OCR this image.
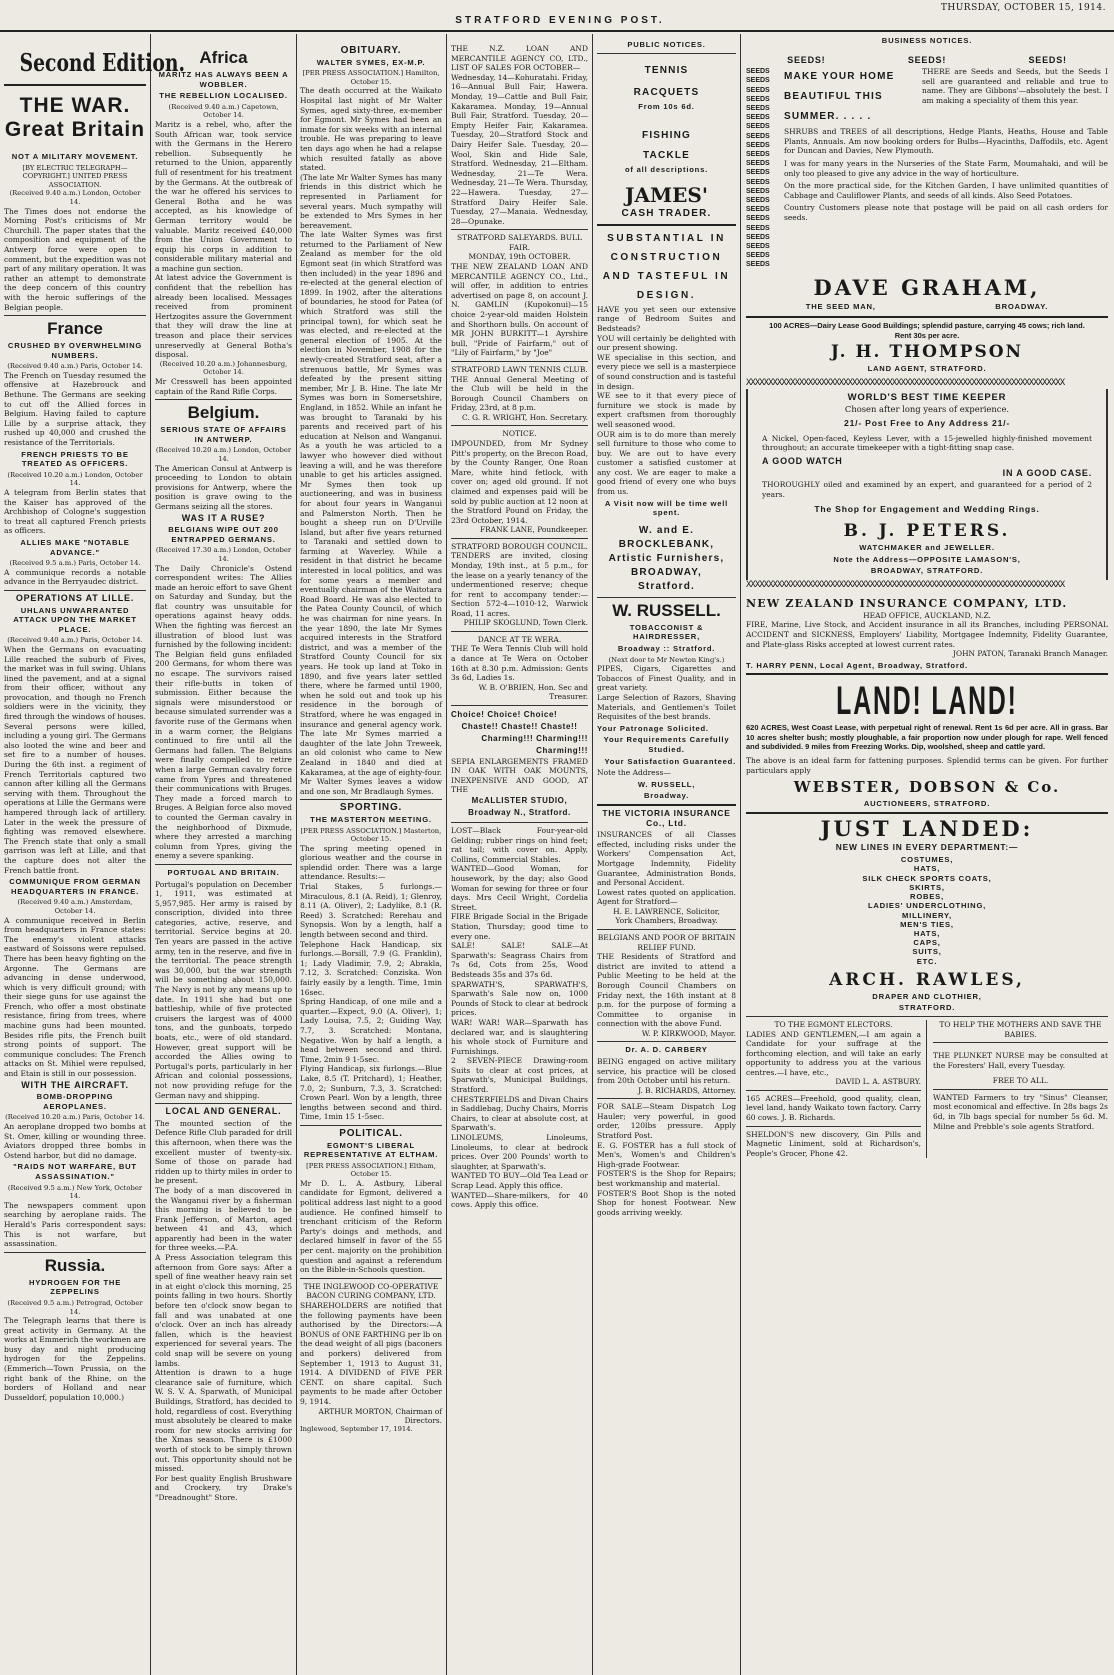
STRATFORD EVENING POST.
THURSDAY, OCTOBER 15, 1914.
Second Edition.
THE WAR.
Great Britain
NOT A MILITARY MOVEMENT.

[BY ELECTRIC TELEGRAPH—COPYRIGHT.] UNITED PRESS ASSOCIATION.

(Received 9.40 a.m.) London, October 14.

The Times does not endorse the Morning Post's criticisms of Mr Churchill. The paper states that the composition and equipment of the Antwerp force were open to comment, but the expedition was not part of any military operation. It was rather an attempt to demonstrate the deep concern of this country with the heroic sufferings of the Belgian people.

France
CRUSHED BY OVERWHELMING NUMBERS.

(Received 9.40 a.m.) Paris, October 14.

The French on Tuesday resumed the offensive at Hazebrouck and Bethune. The Germans are seeking to cut off the Allied forces in Belgium. Having failed to capture Lille by a surprise attack, they rushed up 40,000 and crushed the resistance of the Territorials.

FRENCH PRIESTS TO BE TREATED AS OFFICERS.

(Received 10.20 a.m.) London, October 14.

A telegram from Berlin states that the Kaiser has approved of the Archbishop of Cologne's suggestion to treat all captured French priests as officers.

ALLIES MAKE "NOTABLE ADVANCE."

(Received 9.5 a.m.) Paris, October 14.

A communique records a notable advance in the Berryaudec district.

OPERATIONS AT LILLE.
UHLANS UNWARRANTED ATTACK UPON THE MARKET PLACE.

(Received 9.40 a.m.) Paris, October 14.

When the Germans on evacuating Lille reached the suburb of Fives, the market was in full swing. Uhlans lined the pavement, and at a signal from their officer, without any provocation, and though no French soldiers were in the vicinity, they fired through the windows of houses. Several persons were killed, including a young girl. The Germans also looted the wine and beer and set fire to a number of houses. During the 6th inst. a regiment of French Territorials captured two cannon after killing all the Germans serving with them. Throughout the operations at Lille the Germans were hampered through lack of artillery. Later in the week the pressure of fighting was removed elsewhere. The French state that only a small garrison was left at Lille, and that the capture does not alter the French battle front.

COMMUNIQUE FROM GERMAN HEADQUARTERS IN FRANCE.

(Received 9.40 a.m.) Amsterdam, October 14.

A communique received in Berlin from headquarters in France states: The enemy's violent attacks eastward of Soissons were repulsed. There has been heavy fighting on the Argonne. The Germans are advancing in dense underwood, which is very difficult ground; with their siege guns for use against the French, who offer a most obstinate resistance, firing from trees, where machine guns had been mounted. Besides rifle pits, the French built strong points of support. The communique concludes: The French attacks on St. Mihiel were repulsed, and Etain is still in our possession.

WITH THE AIRCRAFT.
BOMB-DROPPING AEROPLANES.

(Received 10.20 a.m.) Paris, October 14.

An aeroplane dropped two bombs at St. Omer, killing or wounding three. Aviators dropped three bombs in Ostend harbor, but did no damage.

"RAIDS NOT WARFARE, BUT ASSASSINATION."

(Received 9.5 a.m.) New York, October 14.

The newspapers comment upon searching by aeroplane raids. The Herald's Paris correspondent says: This is not warfare, but assassination.

Russia.
HYDROGEN FOR THE ZEPPELINS

(Received 9.5 a.m.) Petrograd, October 14.

The Telegraph learns that there is great activity in Germany. At the works at Emmerich the workmen are busy day and night producing hydrogen for the Zeppelins. (Emmerich—Town Prussia, on the right bank of the Rhine, on the borders of Holland and near Dusseldorf, population 10,000.)

Africa
MARITZ HAS ALWAYS BEEN A WOBBLER.
THE REBELLION LOCALISED.

(Received 9.40 a.m.) Capetown, October 14.

Maritz is a rebel, who, after the South African war, took service with the Germans in the Herero rebellion. Subsequently he returned to the Union, apparently full of resentment for his treatment by the Germans. At the outbreak of the war he offered his services to General Botha and he was accepted, as his knowledge of German territory would be valuable. Maritz received £40,000 from the Union Government to equip his corps in addition to considerable military material and a machine gun section.

At latest advice the Government is confident that the rebellion has already been localised. Messages received from prominent Hertzogites assure the Government that they will draw the line at treason and place their services unreservedly at General Botha's disposal.

(Received 10.20 a.m.) Johannesburg, October 14.

Mr Cresswell has been appointed captain of the Rand Rifle Corps.

Belgium.
SERIOUS STATE OF AFFAIRS IN ANTWERP.

(Received 10.20 a.m.) London, October 14.

The American Consul at Antwerp is proceeding to London to obtain provisions for Antwerp, where the position is grave owing to the Germans seizing all the stores.

WAS IT A RUSE?
BELGIANS WIPE OUT 200 ENTRAPPED GERMANS.

(Received 17.30 a.m.) London, October 14.

The Daily Chronicle's Ostend correspondent writes: The Allies made an heroic effort to save Ghent on Saturday and Sunday, but the flat country was unsuitable for operations against heavy odds. When the fighting was fiercest an illustration of blood lust was furnished by the following incident: The Belgian field guns enfiladed 200 Germans, for whom there was no escape. The survivors raised their rifle-butts in token of submission. Either because the signals were misunderstood or because simulated surrender was a favorite ruse of the Germans when in a warm corner, the Belgians continued to fire until all the Germans had fallen. The Belgians were finally compelled to retire when a large German cavalry force came from Ypres and threatened their communications with Bruges. They made a forced march to Bruges. A Belgian force also moved to counted the German cavalry in the neighborhood of Dixmude, where they arrested a marching column from Ypres, giving the enemy a severe spanking.

PORTUGAL AND BRITAIN.

Portugal's population on December 1, 1911, was estimated at 5,957,985. Her army is raised by conscription, divided into three categories, active, reserve, and territorial. Service begins at 20. Ten years are passed in the active army, ten in the reserve, and five in the territorial. The peace strength was 30,000, but the war strength will be something about 150,000. The Navy is not by any means up to date. In 1911 she had but one battleship, while of five protected cruisers the largest was of 4000 tons, and the gunboats, torpedo boats, etc., were of old standard. However, great support will be accorded the Allies owing to Portugal's ports, particularly in her African and colonial possessions, not now providing refuge for the German navy and shipping.

LOCAL AND GENERAL.

The mounted section of the Defence Rifle Club paraded for drill this afternoon, when there was the excellent muster of twenty-six. Some of those on parade had ridden up to thirty miles in order to be present.

The body of a man discovered in the Wanganui river by a fisherman this morning is believed to be Frank Jefferson, of Marton, aged between 41 and 43, which apparently had been in the water for three weeks.—P.A.

A Press Association telegram this afternoon from Gore says: After a spell of fine weather heavy rain set in at eight o'clock this morning, 25 points falling in two hours. Shortly before ten o'clock snow began to fall and was unabated at one o'clock. Over an inch has already fallen, which is the heaviest experienced for several years. The cold snap will be severe on young lambs.

Attention is drawn to a huge clearance sale of furniture, which W. S. V. A. Sparwath, of Municipal Buildings, Stratford, has decided to hold, regardless of cost. Everything must absolutely be cleared to make room for new stocks arriving for the Xmas season. There is £1000 worth of stock to be simply thrown out. This opportunity should not be missed.

For best quality English Brushware and Crockery, try Drake's "Dreadnought" Store.

OBITUARY.
WALTER SYMES, EX-M.P.

[PER PRESS ASSOCIATION.] Hamilton, October 15.

The death occurred at the Waikato Hospital last night of Mr Walter Symes, aged sixty-three, ex-member for Egmont. Mr Symes had been an inmate for six weeks with an internal trouble. He was preparing to leave ten days ago when he had a relapse which resulted fatally as above stated.

(The late Mr Walter Symes has many friends in this district which he represented in Parliament for several years. Much sympathy will be extended to Mrs Symes in her bereavement.

The late Walter Symes was first returned to the Parliament of New Zealand as member for the old Egmont seat (in which Stratford was then included) in the year 1896 and re-elected at the general election of 1899. In 1902, after the alterations of boundaries, he stood for Patea (of which Stratford was still the principal town), for which seat he was elected, and re-elected at the general election of 1905. At the election in November, 1908 for the newly-created Stratford seat, after a strenuous battle, Mr Symes was defeated by the present sitting member, Mr J. B. Hine. The late Mr Symes was born in Somersetshire, England, in 1852. While an infant he was brought to Taranaki by his parents and received part of his education at Nelson and Wanganui. As a youth he was articled to a lawyer who however died without leaving a will, and he was therefore unable to get his articles assigned. Mr Symes then took up auctioneering, and was in business for about four years in Wanganui and Palmerston North. Then he bought a sheep run on D'Urville Island, but after five years returned to Taranaki and settled down to farming at Waverley. While a resident in that district he became interested in local politics, and was for some years a member and eventually chairman of the Waitotara Road Board. He was also elected to the Patea County Council, of which he was chairman for nine years. In the year 1890, the late Mr Symes acquired interests in the Stratford district, and was a member of the Stratford County Council for six years. He took up land at Toko in 1890, and five years later settled there, where he farmed until 1900, when he sold out and took up his residence in the borough of Stratford, where he was engaged in insurance and general agency work. The late Mr Symes married a daughter of the late John Treweek, an old colonist who came to New Zealand in 1840 and died at Kakaramea, at the age of eighty-four. Mr Walter Symes leaves a widow and one son, Mr Bradlaugh Symes.

SPORTING.
THE MASTERTON MEETING.

[PER PRESS ASSOCIATION.] Masterton, October 15.

The spring meeting opened in glorious weather and the course in splendid order. There was a large attendance. Results:—

Trial Stakes, 5 furlongs.—Miraculous, 8.1 (A. Reid), 1; Glenroy, 8.11 (A. Oliver), 2; Ladylike, 8.1 (R. Reed) 3. Scratched: Rerehau and Synopsis. Won by a length, half a length between second and third.

Telephone Hack Handicap, six furlongs.—Borsill, 7.9 (G. Franklin), 1; Lady Vladimir, 7.9, 2; Abrakla, 7.12, 3. Scratched: Conziska. Won fairly easily by a length. Time, 1min 16sec.

Spring Handicap, of one mile and a quarter.—Expect, 9.0 (A. Oliver), 1; Lady Louisa, 7.5, 2; Guiding Way, 7.7, 3. Scratched: Montana, Negative. Won by half a length, a head between second and third. Time, 2min 9 1-5sec.

Flying Handicap, six furlongs.—Blue Lake, 8.5 (T. Pritchard), 1; Heather, 7.0, 2; Sunburn, 7.3, 3. Scratched: Crown Pearl. Won by a length, three lengths between second and third. Time, 1min 15 1-5sec.

POLITICAL.
EGMONT'S LIBERAL REPRESENTATIVE AT ELTHAM.

[PER PRESS ASSOCIATION.] Eltham, October 15.

Mr D. L. A. Astbury, Liberal candidate for Egmont, delivered a political address last night to a good audience. He confined himself to trenchant criticism of the Reform Party's doings and methods, and declared himself in favor of the 55 per cent. majority on the prohibition question and against a referendum on the Bible-in-Schools question.

THE INGLEWOOD CO-OPERATIVE BACON CURING COMPANY, LTD.

SHAREHOLDERS are notified that the following payments have been authorised by the Directors:—A BONUS of ONE FARTHING per lb on the dead weight of all pigs (baconers and porkers) delivered from September 1, 1913 to August 31, 1914. A DIVIDEND of FIVE PER CENT. on share capital. Such payments to be made after October 9, 1914.

ARTHUR MORTON, Chairman of Directors.

Inglewood, September 17, 1914.

THE N.Z. LOAN AND MERCANTILE AGENCY CO, LTD., LIST OF SALES FOR OCTOBER—

Wednesday, 14—Kohuratahi. Friday, 16—Annual Bull Fair, Hawera. Monday, 19—Cattle and Bull Fair, Kakaramea. Monday, 19—Annual Bull Fair, Stratford. Tuesday, 20—Empty Heifer Fair, Kakaramea. Tuesday, 20—Stratford Stock and Dairy Heifer Sale. Tuesday, 20—Wool, Skin and Hide Sale, Stratford. Wednesday, 21—Eltham. Wednesday, 21—Te Wera. Wednesday, 21—Te Wera. Thursday, 22—Hawera. Tuesday, 27—Stratford Dairy Heifer Sale. Tuesday, 27—Manaia. Wednesday, 28—Opunake.

STRATFORD SALEYARDS. BULL FAIR.

MONDAY, 19th OCTOBER.

THE NEW ZEALAND LOAN AND MERCANTILE AGENCY CO., Ltd., will offer, in addition to entries advertised on page 8, on account J. N. GAMLIN (Kupokonui)—15 choice 2-year-old maiden Holstein and Shorthorn bulls. On account of MR JOHN BURKITT—1 Ayrshire bull, "Pride of Fairfarm," out of "Lily of Fairfarm," by "Joe"

STRATFORD LAWN TENNIS CLUB.

THE Annual General Meeting of the Club will be held in the Borough Council Chambers on Friday, 23rd, at 8 p.m.

C. G. R. WRIGHT, Hon. Secretary.

NOTICE.

IMPOUNDED, from Mr Sydney Pitt's property, on the Brecon Road, by the County Ranger, One Roan Mare, white hind fetlock, with cover on; aged old ground. If not claimed and expenses paid will be sold by public auction at 12 noon at the Stratford Pound on Friday, the 23rd October, 1914.

FRANK LANE, Poundkeeper.

STRATFORD BOROUGH COUNCIL.

TENDERS are invited, closing Monday, 19th inst., at 5 p.m., for the lease on a yearly tenancy of the undermentioned reserve; cheque for rent to accompany tender:—Section 572-4—1010-12, Warwick Road, 11 acres.

PHILIP SKOGLUND, Town Clerk.

DANCE AT TE WERA.

THE Te Wera Tennis Club will hold a dance at Te Wera on October 16th at 8.30 p.m. Admission: Gents 3s 6d, Ladies 1s.

W. B. O'BRIEN, Hon. Sec and Treasurer.

Choice! Choice! Choice!

Chaste!! Chaste!! Chaste!!

Charming!!! Charming!!! Charming!!!

SEPIA ENLARGEMENTS FRAMED IN OAK WITH OAK MOUNTS, INEXPENSIVE AND GOOD, AT THE

McALLISTER STUDIO,

Broadway N., Stratford.

LOST—Black Four-year-old Gelding; rubber rings on hind feet; rat tail; with cover on. Apply, Collins, Commercial Stables.

WANTED—Good Woman, for housework, by the day; also Good Woman for sewing for three or four days. Mrs Cecil Wright, Cordelia Street.

FIRE Brigade Social in the Brigade Station, Thursday; good time to every one.

SALE! SALE! SALE—At Sparwath's: Seagrass Chairs from 7s 6d, Cots from 25s, Wood Bedsteads 35s and 37s 6d.

SPARWATH'S, SPARWATH'S, Sparwath's Sale now on, 1000 Pounds of Stock to clear at bedrock prices.

WAR! WAR! WAR—Sparwath has declared war, and is slaughtering his whole stock of Furniture and Furnishings.

2 SEVEN-PIECE Drawing-room Suits to clear at cost prices, at Sparwath's, Municipal Buildings, Stratford.

CHESTERFIELDS and Divan Chairs in Saddlebag, Duchy Chairs, Morris Chairs, to clear at absolute cost, at Sparwath's.

LINOLEUMS, Linoleums, Linoleums, to clear at bedrock prices. Over 200 Pounds' worth to slaughter, at Sparwath's.

WANTED TO BUY—Old Tea Lead or Scrap Lead. Apply this office.

WANTED—Share-milkers, for 40 cows. Apply this office.

PUBLIC NOTICES.
TENNIS
RACQUETS
From 10s 6d.
FISHING
TACKLE
of all descriptions.
JAMES'
CASH TRADER.
SUBSTANTIAL IN CONSTRUCTION AND TASTEFUL IN DESIGN.

HAVE you yet seen our extensive range of Bedroom Suites and Bedsteads?

YOU will certainly be delighted with our present showing.

WE specialise in this section, and every piece we sell is a masterpiece of sound construction and is tasteful in design.

WE see to it that every piece of furniture we stock is made by expert craftsmen from thoroughly well seasoned wood.

OUR aim is to do more than merely sell furniture to those who come to buy. We are out to have every customer a satisfied customer at any cost. We are eager to make a good friend of every one who buys from us.

A Visit now will be time well spent.
W. and E.
BROCKLEBANK,
Artistic Furnishers,
BROADWAY,
Stratford.
W. RUSSELL.
TOBACCONIST & HAIRDRESSER,
Broadway :: Stratford.

(Next door to Mr Newton King's.)

PIPES, Cigars, Cigarettes and Tobaccos of Finest Quality, and in great variety.

Large Selection of Razors, Shaving Materials, and Gentlemen's Toilet Requisites of the best brands.

Your Patronage Solicited.
Your Requirements Carefully Studied.
Your Satisfaction Guaranteed.

Note the Address—

W. RUSSELL,
Broadway.
THE VICTORIA INSURANCE Co., Ltd.

INSURANCES of all Classes effected, including risks under the Workers' Compensation Act, Mortgage Indemnity, Fidelity Guarantee, Administration Bonds, and Personal Accident.

Lowest rates quoted on application. Agent for Stratford—

H. E. LAWRENCE, Solicitor,

York Chambers, Broadway.

BELGIANS AND POOR OF BRITAIN RELIEF FUND.

THE Residents of Stratford and district are invited to attend a Public Meeting to be held at the Borough Council Chambers on Friday next, the 16th instant at 8 p.m. for the purpose of forming a Committee to organise in connection with the above Fund.

W. P. KIRKWOOD, Mayor.

Dr. A. D. CARBERY

BEING engaged on active military service, his practice will be closed from 20th October until his return.

J. B. RICHARDS, Attorney.

FOR SALE—Steam Dispatch Log Hauler; very powerful, in good order, 120lbs pressure. Apply Stratford Post.

E. G. FOSTER has a full stock of Men's, Women's and Children's High-grade Footwear.

FOSTER'S is the Shop for Repairs; best workmanship and material.

FOSTER'S Boot Shop is the noted Shop for honest Footwear. New goods arriving weekly.

BUSINESS NOTICES.
SEEDS!	SEEDS!	SEEDS!
SEEDS
SEEDS
SEEDS
SEEDS
SEEDS
SEEDS
SEEDS
SEEDS
SEEDS
SEEDS
SEEDS
SEEDS
SEEDS
SEEDS
SEEDS
SEEDS
SEEDS
SEEDS
SEEDS
SEEDS
SEEDS
SEEDS
MAKE YOUR HOME BEAUTIFUL THIS SUMMER. . . . .

THERE are Seeds and Seeds, but the Seeds I sell are guaranteed and reliable and true to name. They are Gibbons'—absolutely the best. I am making a speciality of them this year.

SHRUBS and TREES of all descriptions, Hedge Plants, Heaths, House and Table Plants, Annuals. Am now booking orders for Bulbs—Hyacinths, Daffodils, etc. Agent for Duncan and Davies, New Plymouth.

I was for many years in the Nurseries of the State Farm, Moumahaki, and will be only too pleased to give any advice in the way of horticulture.

On the more practical side, for the Kitchen Garden, I have unlimited quantities of Cabbage and Cauliflower Plants, and seeds of all kinds. Also Seed Potatoes.

Country Customers please note that postage will be paid on all cash orders for seeds.

DAVE GRAHAM,
THE SEED MAN,	BROADWAY.

100 ACRES—Dairy Lease Good Buildings; splendid pasture, carrying 45 cows; rich land. Rent 30s per acre.

J. H. THOMPSON
LAND AGENT, STRATFORD.
XXXXXXXXXXXXXXXXXXXXXXXXXXXXXXXXXXXXXXXXXXXXXXXXXXXXXXXXXXXXXXXXXXXXXXXX
WORLD'S BEST TIME KEEPER

Chosen after long years of experience.

21/- Post Free to Any Address 21/-

A Nickel, Open-faced, Keyless Lever, with a 15-jewelled highly-finished movement throughout; an accurate timekeeper with a tight-fitting snap case.

A GOOD WATCH
IN A GOOD CASE.

THOROUGHLY oiled and examined by an expert, and guaranteed for a period of 2 years.

The Shop for Engagement and Wedding Rings.
B. J. PETERS.
WATCHMAKER and JEWELLER.
Note the Address—OPPOSITE LAMASON'S,
BROADWAY, STRATFORD.
XXXXXXXXXXXXXXXXXXXXXXXXXXXXXXXXXXXXXXXXXXXXXXXXXXXXXXXXXXXXXXXXXXXXXXXX
NEW ZEALAND INSURANCE COMPANY, LTD.

HEAD OFFICE, AUCKLAND, N.Z.

FIRE, Marine, Live Stock, and Accident insurance in all its Branches, including PERSONAL ACCIDENT and SICKNESS, Employers' Liability, Mortgagee Indemnity, Fidelity Guarantee, and Plate-glass Risks accepted at lowest current rates.

JOHN PATON, Taranaki Branch Manager.

T. HARRY PENN, Local Agent, Broadway, Stratford.
LAND! LAND!

620 ACRES, West Coast Lease, with perpetual right of renewal. Rent 1s 6d per acre. All in grass. Bar 10 acres shelter bush; mostly ploughable, a fair proportion now under plough for rape. Well fenced and subdivided. 9 miles from Freezing Works. Dip, woolshed, sheep and cattle yard.

The above is an ideal farm for fattening purposes. Splendid terms can be given. For further particulars apply

WEBSTER, DOBSON & Co.
AUCTIONEERS, STRATFORD.
JUST LANDED:
NEW LINES IN EVERY DEPARTMENT:—
COSTUMES,
HATS,
SILK CHECK SPORTS COATS,
SKIRTS,
ROBES,
LADIES' UNDERCLOTHING,
MILLINERY,
MEN'S TIES,
HATS,
CAPS,
SUITS,
ETC.
ARCH. RAWLES,
DRAPER AND CLOTHIER,
STRATFORD.

TO THE EGMONT ELECTORS.

LADIES AND GENTLEMEN,—I am again a Candidate for your suffrage at the forthcoming election, and will take an early opportunity to address you at the various centres.—I have, etc.,

DAVID L. A. ASTBURY.

165 ACRES—Freehold, good quality, clean, level land, handy Waikato town factory. Carry 60 cows. J. B. Richards.

SHELDON'S new discovery, Gin Pills and Magnetic Liniment, sold at Richardson's, People's Grocer, Phone 42.

TO HELP THE MOTHERS AND SAVE THE BABIES.

THE PLUNKET NURSE may be consulted at the Foresters' Hall, every Tuesday.

FREE TO ALL.

WANTED Farmers to try "Sinus" Cleanser, most economical and effective. In 28s bags 2s 6d, in 7lb bags special for number 5s 6d. M. Milne and Prebble's sole agents Stratford.
